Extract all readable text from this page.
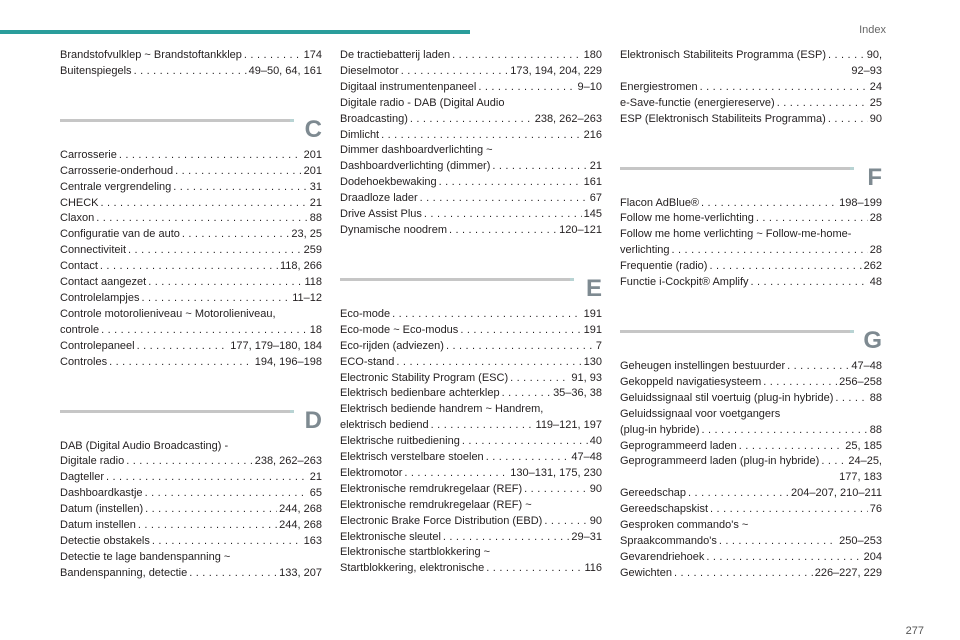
Index
Brandstofvulklep ~ Brandstoftankklep . . .	174
Buitenspiegels . . .	49–50, 64, 161
C
Carrosserie . . .	201
Carrosserie-onderhoud . . .	201
Centrale vergrendeling . . .	31
CHECK . . .	21
Claxon . . .	88
Configuratie van de auto . . .	23, 25
Connectiviteit . . .	259
Contact . . .	118, 266
Contact aangezet . . .	118
Controlelampjes . . .	11–12
Controle motorolieniveau ~ Motorolieniveau,
controle . . .	18
Controlepaneel . . .	177, 179–180, 184
Controles . . .	194, 196–198
D
DAB (Digital Audio Broadcasting) -
Digitale radio . . .	238, 262–263
Dagteller . . .	21
Dashboardkastje . . .	65
Datum (instellen) . . .	244, 268
Datum instellen . . .	244, 268
Detectie obstakels . . .	163
Detectie te lage bandenspanning ~
Bandenspanning, detectie . . .	133, 207
De tractiebatterij laden . . .	180
Dieselmotor . . .	173, 194, 204, 229
Digitaal instrumentenpaneel . . .	9–10
Digitale radio - DAB (Digital Audio
Broadcasting) . . .	238, 262–263
Dimlicht . . .	216
Dimmer dashboardverlichting ~
Dashboardverlichting (dimmer) . . .	21
Dodehoekbewaking . . .	161
Draadloze lader . . .	67
Drive Assist Plus . . .	145
Dynamische noodrem . . .	120–121
E
Eco-mode . . .	191
Eco-mode ~ Eco-modus . . .	191
Eco-rijden (adviezen) . . .	7
ECO-stand . . .	130
Electronic Stability Program (ESC) . . .	91, 93
Elektrisch bedienbare achterklep . . .	35–36, 38
Elektrisch bediende handrem ~ Handrem,
elektrisch bediend . . .	119–121, 197
Elektrische ruitbediening . . .	40
Elektrisch verstelbare stoelen . . .	47–48
Elektromotor . . .	130–131, 175, 230
Elektronische remdrukregelaar (REF) . . .	90
Elektronische remdrukregelaar (REF) ~
Electronic Brake Force Distribution (EBD) . . .	90
Elektronische sleutel . . .	29–31
Elektronische startblokkering ~
Startblokkering, elektronische . . .	116
Elektronisch Stabiliteits Programma (ESP) . . .	90,
92–93
Energiestromen . . .	24
e-Save-functie (energiereserve) . . .	25
ESP (Elektronisch Stabiliteits Programma) . . .	90
F
Flacon AdBlue® . . .	198–199
Follow me home-verlichting . . .	28
Follow me home verlichting ~ Follow-me-home-
verlichting . . .	28
Frequentie (radio) . . .	262
Functie i-Cockpit® Amplify . . .	48
G
Geheugen instellingen bestuurder . . .	47–48
Gekoppeld navigatiesysteem . . .	256–258
Geluidssignaal stil voertuig (plug-in hybride) . . .	88
Geluidssignaal voor voetgangers
(plug-in hybride) . . .	88
Geprogrammeerd laden . . .	25, 185
Geprogrammeerd laden (plug-in hybride) . . .	24–25,
177, 183
Gereedschap . . .	204–207, 210–211
Gereedschapskist . . .	76
Gesproken commando's ~
Spraakcommando's . . .	250–253
Gevarendriehoek . . .	204
Gewichten . . .	226–227, 229
277
